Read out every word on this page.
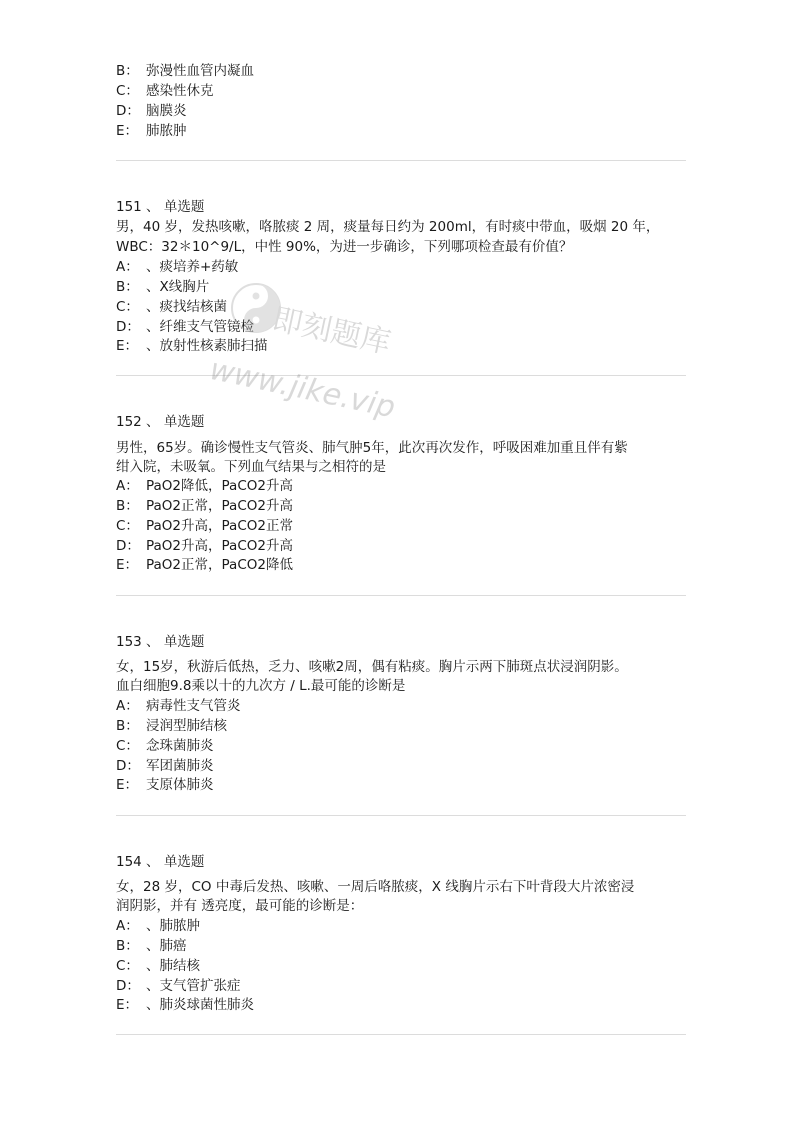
B： 弥漫性血管内凝血
C： 感染性休克
D： 脑膜炎
E： 肺脓肿
151 、 单选题
男，40 岁，发热咳嗽，咯脓痰 2 周，痰量每日约为 200ml，有时痰中带血，吸烟 20 年，
WBC：32＊10^9/L，中性 90%，为进一步确诊，下列哪项检查最有价值？
A： 、痰培养+药敏
B： 、X线胸片
C： 、痰找结核菌
D： 、纤维支气管镜检
E： 、放射性核素肺扫描
152 、 单选题
男性，65岁。确诊慢性支气管炎、肺气肿5年，此次再次发作，呼吸困难加重且伴有紫
绀入院，未吸氧。下列血气结果与之相符的是
A： PaO2降低，PaCO2升高
B： PaO2正常，PaCO2升高
C： PaO2升高，PaCO2正常
D： PaO2升高，PaCO2升高
E： PaO2正常，PaCO2降低
153 、 单选题
女，15岁，秋游后低热，乏力、咳嗽2周，偶有粘痰。胸片示两下肺斑点状浸润阴影。
血白细胞9.8乘以十的九次方 / L.最可能的诊断是
A： 病毒性支气管炎
B： 浸润型肺结核
C： 念珠菌肺炎
D： 军团菌肺炎
E： 支原体肺炎
154 、 单选题
女，28 岁，CO 中毒后发热、咳嗽、一周后咯脓痰，X 线胸片示右下叶背段大片浓密浸
润阴影，并有 透亮度，最可能的诊断是：
A： 、肺脓肿
B： 、肺癌
C： 、肺结核
D： 、支气管扩张症
E： 、肺炎球菌性肺炎
即刻题库
www.jike.vip
